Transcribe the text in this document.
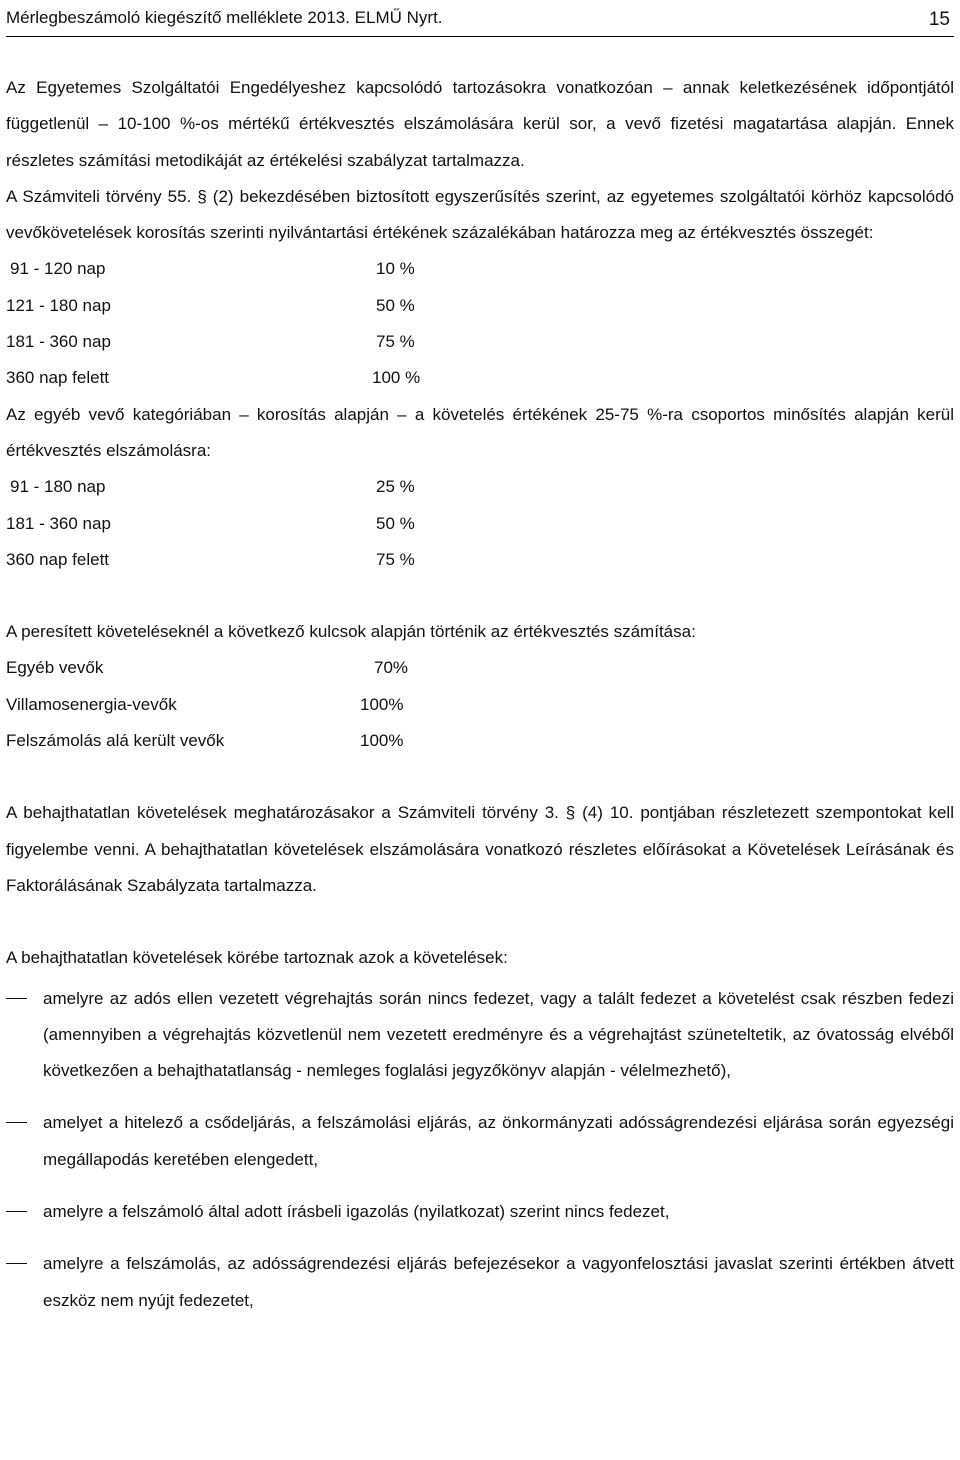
Mérlegbeszámoló kiegészítő melléklete 2013. ELMŰ Nyrt.	15

Az Egyetemes Szolgáltatói Engedélyeshez kapcsolódó tartozásokra vonatkozóan – annak keletkezésének időpontjától függetlenül – 10-100 %-os mértékű értékvesztés elszámolására kerül sor, a vevő fizetési magatartása alapján. Ennek részletes számítási metodikáját az értékelési szabályzat tartalmazza.

A Számviteli törvény 55. § (2) bekezdésében biztosított egyszerűsítés szerint, az egyetemes szolgáltatói körhöz kapcsolódó vevőkövetelések korosítás szerinti nyilvántartási értékének százalékában határozza meg az értékvesztés összegét:

91 - 120 nap	10 %
121 - 180 nap	50 %
181 - 360 nap	75 %
360 nap felett	100 %

Az egyéb vevő kategóriában – korosítás alapján – a követelés értékének 25-75 %-ra csoportos minősítés alapján kerül értékvesztés elszámolásra:

91 - 180 nap	25 %
181 - 360 nap	50 %
360 nap felett	75 %

A peresített követeléseknél a következő kulcsok alapján történik az értékvesztés számítása:

Egyéb vevők	70%
Villamosenergia-vevők	100%
Felszámolás alá került vevők	100%

A behajthatatlan követelések meghatározásakor a Számviteli törvény 3. § (4) 10. pontjában részletezett szempontokat kell figyelembe venni. A behajthatatlan követelések elszámolására vonatkozó részletes előírásokat a Követelések Leírásának és Faktorálásának Szabályzata tartalmazza.

A behajthatatlan követelések körébe tartoznak azok a követelések:

amelyre az adós ellen vezetett végrehajtás során nincs fedezet, vagy a talált fedezet a követelést csak részben fedezi (amennyiben a végrehajtás közvetlenül nem vezetett eredményre és a végrehajtást szüneteltetik, az óvatosság elvéből következően a behajthatatlanság - nemleges foglalási jegyzőkönyv alapján - vélelmezhető),

amelyet a hitelező a csődeljárás, a felszámolási eljárás, az önkormányzati adósságrendezési eljárása során egyezségi megállapodás keretében elengedett,

amelyre a felszámoló által adott írásbeli igazolás (nyilatkozat) szerint nincs fedezet,

amelyre a felszámolás, az adósságrendezési eljárás befejezésekor a vagyonfelosztási javaslat szerinti értékben átvett eszköz nem nyújt fedezetet,
